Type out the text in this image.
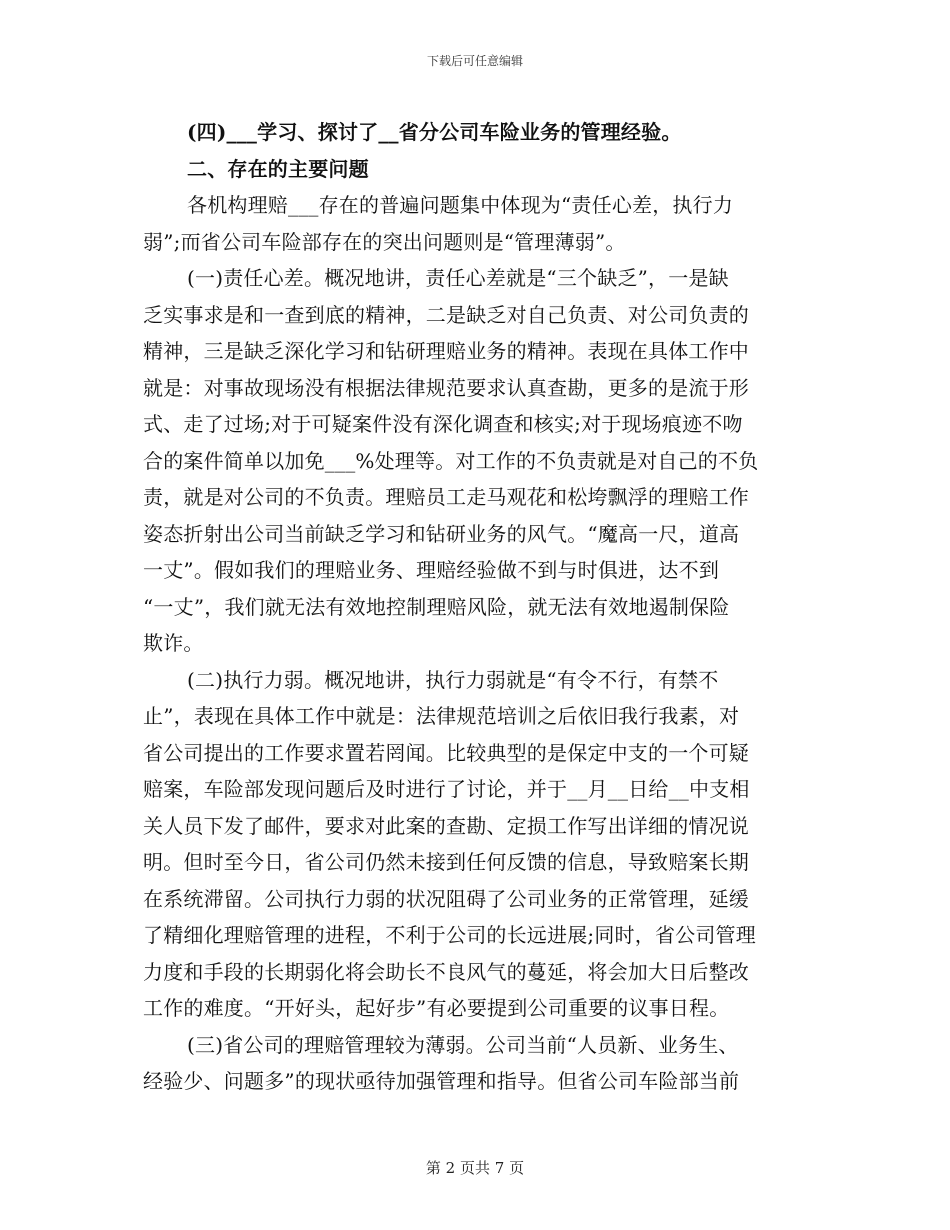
下载后可任意编辑
(四)___学习、探讨了__省分公司车险业务的管理经验。
二、存在的主要问题
各机构理赔___存在的普遍问题集中体现为“责任心差，执行力
弱”;而省公司车险部存在的突出问题则是“管理薄弱”。
(一)责任心差。概况地讲，责任心差就是“三个缺乏”，一是缺
乏实事求是和一查到底的精神，二是缺乏对自己负责、对公司负责的
精神，三是缺乏深化学习和钻研理赔业务的精神。表现在具体工作中
就是：对事故现场没有根据法律规范要求认真查勘，更多的是流于形
式、走了过场;对于可疑案件没有深化调查和核实;对于现场痕迹不吻
合的案件简单以加免___%处理等。对工作的不负责就是对自己的不负
责，就是对公司的不负责。理赔员工走马观花和松垮飘浮的理赔工作
姿态折射出公司当前缺乏学习和钻研业务的风气。“魔高一尺，道高
一丈”。假如我们的理赔业务、理赔经验做不到与时俱进，达不到
“一丈”，我们就无法有效地控制理赔风险，就无法有效地遏制保险
欺诈。
(二)执行力弱。概况地讲，执行力弱就是“有令不行，有禁不
止”，表现在具体工作中就是：法律规范培训之后依旧我行我素，对
省公司提出的工作要求置若罔闻。比较典型的是保定中支的一个可疑
赔案，车险部发现问题后及时进行了讨论，并于__月__日给__中支相
关人员下发了邮件，要求对此案的查勘、定损工作写出详细的情况说
明。但时至今日，省公司仍然未接到任何反馈的信息，导致赔案长期
在系统滞留。公司执行力弱的状况阻碍了公司业务的正常管理，延缓
了精细化理赔管理的进程，不利于公司的长远进展;同时，省公司管理
力度和手段的长期弱化将会助长不良风气的蔓延，将会加大日后整改
工作的难度。“开好头，起好步”有必要提到公司重要的议事日程。
(三)省公司的理赔管理较为薄弱。公司当前“人员新、业务生、
经验少、问题多”的现状亟待加强管理和指导。但省公司车险部当前
第 2 页共 7 页
